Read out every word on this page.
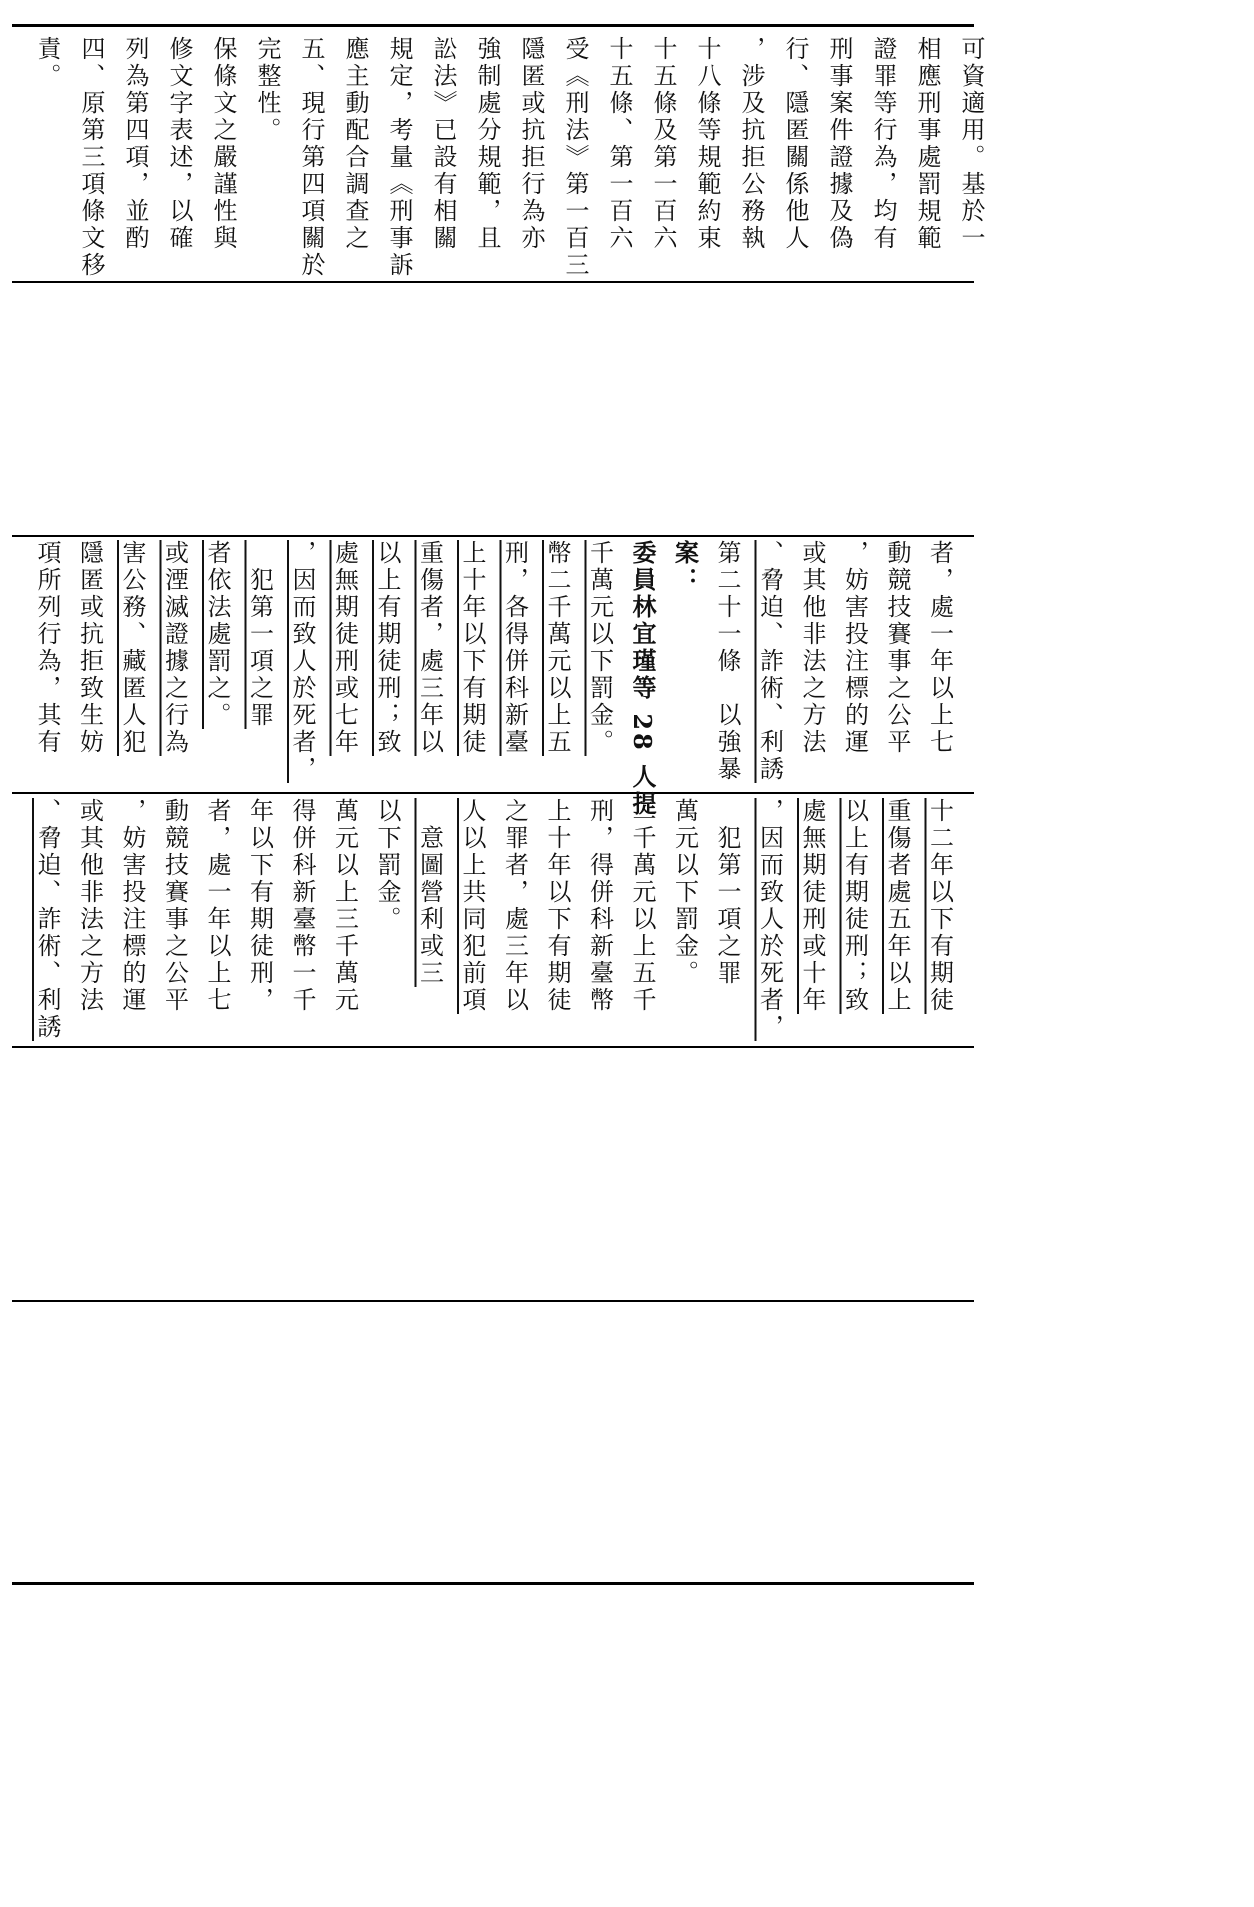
責。 四、原第三項條文移 列為第四項，並酌 修文字表述，以確 保條文之嚴謹性與 完整性。 五、現行第四項關於 應主動配合調查之 規定，考量《刑事訴 訟法》已設有相關 強制處分規範，且 隱匿或抗拒行為亦 受《刑法》第一百三 十五條、第一百六 十五條及第一百六 十八條等規範約束 ，涉及抗拒公務執 行、隱匿關係他人 刑事案件證據及偽 證罪等行為，均有 相應刑事處罰規範 可資適用。基於一
項所列行為，其有 隱匿或抗拒致生妨 害公務、藏匿人犯 或湮滅證據之行為 者依法處罰之。 　犯第一項之罪 ，因而致人於死者， 處無期徒刑或七年 以上有期徒刑；致 重傷者，處三年以 上十年以下有期徒 刑，各得併科新臺 幣二千萬元以上五 千萬元以下罰金。 委員林宜瑾等 28 人提 案： 第二十一條　以強暴 、脅迫、詐術、利誘 或其他非法之方法 ，妨害投注標的運 動競技賽事之公平 者，處一年以上七
、脅迫、詐術、利誘 或其他非法之方法 ，妨害投注標的運 動競技賽事之公平 者，處一年以上七 年以下有期徒刑， 得併科新臺幣一千 萬元以上三千萬元 以下罰金。 　意圖營利或三 人以上共同犯前項 之罪者，處三年以 上十年以下有期徒 刑，得併科新臺幣 二千萬元以上五千 萬元以下罰金。 　犯第一項之罪 ，因而致人於死者， 處無期徒刑或十年 以上有期徒刑；致 重傷者處五年以上 十二年以下有期徒
